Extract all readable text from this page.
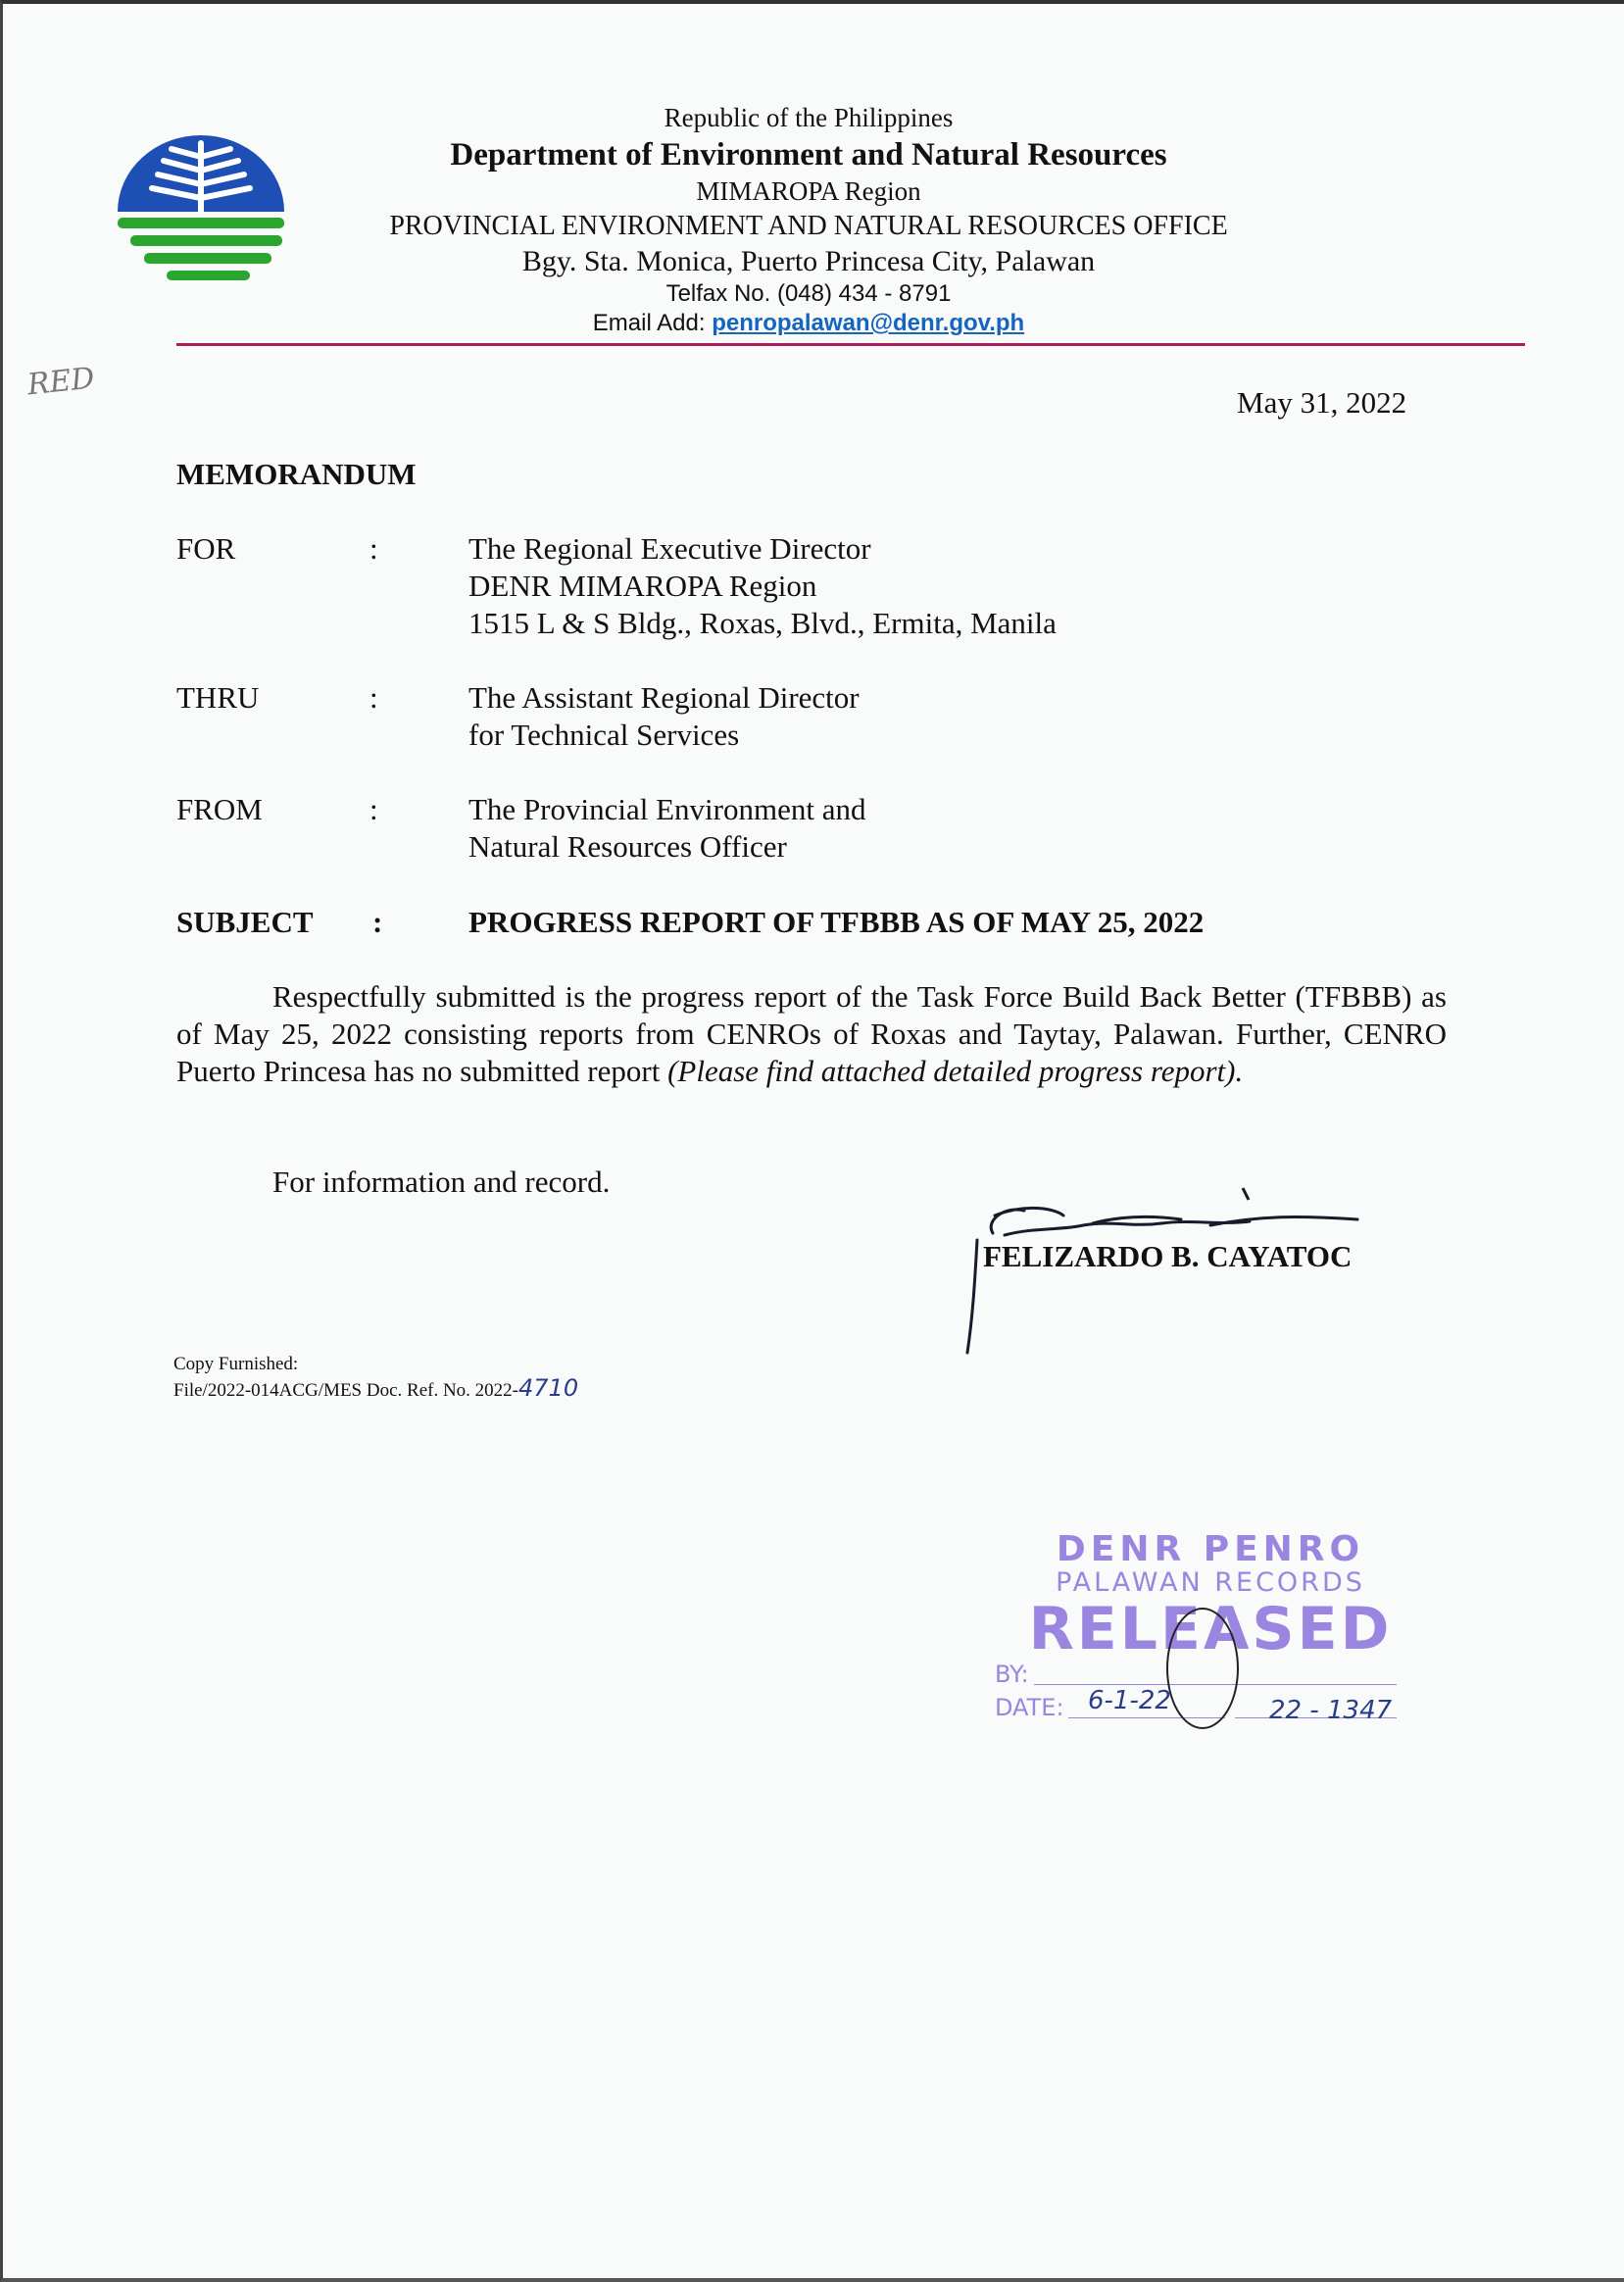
Republic of the Philippines
Department of Environment and Natural Resources
MIMAROPA Region
PROVINCIAL ENVIRONMENT AND NATURAL RESOURCES OFFICE
Bgy. Sta. Monica, Puerto Princesa City, Palawan
Telfax No. (048) 434 - 8791
Email Add: penropalawan@denr.gov.ph
RED
May 31, 2022
MEMORANDUM
FOR	:	The Regional Executive Director
DENR MIMAROPA Region
1515 L & S Bldg., Roxas, Blvd., Ermita, Manila
THRU	:	The Assistant Regional Director
for Technical Services
FROM	:	The Provincial Environment and
Natural Resources Officer
SUBJECT	:	PROGRESS REPORT OF TFBBB AS OF MAY 25, 2022
Respectfully submitted is the progress report of the Task Force Build Back Better (TFBBB) as of May 25, 2022 consisting reports from CENROs of Roxas and Taytay, Palawan. Further, CENRO Puerto Princesa has no submitted report (Please find attached detailed progress report).
For information and record.
FELIZARDO B. CAYATOC
Copy Furnished:
File/2022-014ACG/MES Doc. Ref. No. 2022-4710
DENR PENRO
PALAWAN RECORDS
RELEASED
BY:
DATE: 6-1-22	22 - 1347
